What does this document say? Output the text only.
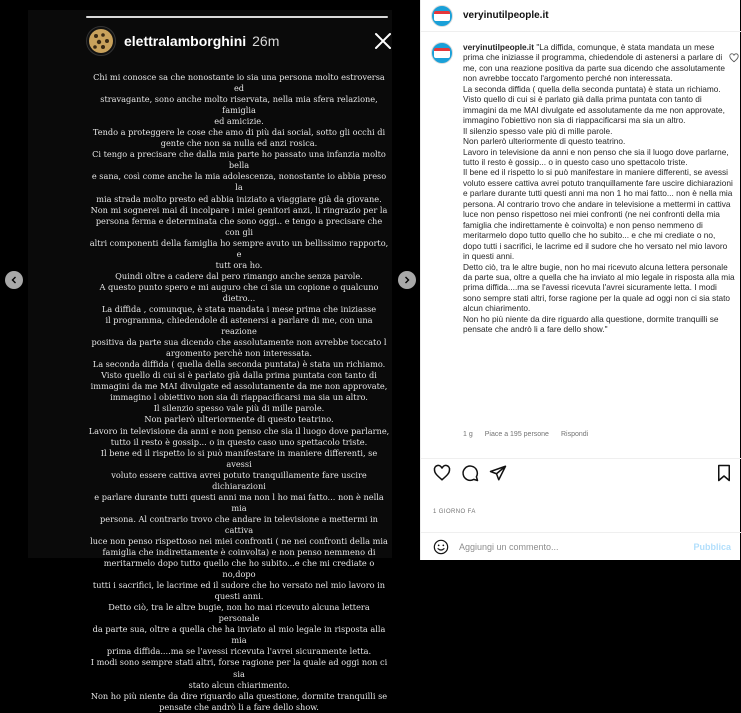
elettralamborghini 26m
Chi mi conosce sa che nonostante io sia una persona molto estroversa ed
stravagante, sono anche molto riservata, nella mia sfera relazione, famiglia
ed amicizie.
Tendo a proteggere le cose che amo di più dai social, sotto gli occhi di
gente che non sa nulla ed anzi rosica.
Ci tengo a precisare che dalla mia parte ho passato una infanzia molto bella
e sana, così come anche la mia adolescenza, nonostante io abbia preso la
mia strada molto presto ed abbia iniziato a viaggiare già da giovane.
Non mi sognerei mai di incolpare i miei genitori anzi, li ringrazio per la
persona ferma e determinata che sono oggi.. e tengo a precisare che con gli
altri componenti della famiglia ho sempre avuto un bellissimo rapporto, e
tutt ora ho.
Quindi oltre a cadere dal pero rimango anche senza parole.
A questo punto spero e mi auguro che ci sia un copione o qualcuno
dietro...
La diffida , comunque, è stata mandata i mese prima che iniziasse
il programma, chiedendole di astenersi a parlare di me, con una reazione
positiva da parte sua dicendo che assolutamente non avrebbe toccato l
argomento perchè non interessata.
La seconda diffida ( quella della seconda puntata) è stata un richiamo.
Visto quello di cui si è parlato già dalla prima puntata con tanto di
immagini da me MAI divulgate ed assolutamente da me non approvate,
immagino l obiettivo non sia di riappacificarsi ma sia un altro.
Il silenzio spesso vale più di mille parole.
Non parlerò ulteriormente di questo teatrino.
Lavoro in televisione da anni e non penso che sia il luogo dove parlarne,
tutto il resto è gossip... o in questo caso uno spettacolo triste.
Il bene ed il rispetto lo si può manifestare in maniere differenti, se avessi
voluto essere cattiva avrei potuto tranquillamente fare uscire dichiarazioni
e parlare durante tutti questi anni ma non l ho mai fatto... non è nella mia
persona. Al contrario trovo che andare in televisione a mettermi in cattiva
luce non penso rispettoso nei miei confronti ( ne nei confronti della mia
famiglia che indirettamente è coinvolta) e non penso nemmeno di
meritarmelo dopo tutto quello che ho subito...e che mi crediate o no,dopo
tutti i sacrifici, le lacrime ed il sudore che ho versato nel mio lavoro in
questi anni.
Detto ciò, tra le altre bugie, non ho mai ricevuto alcuna lettera personale
da parte sua, oltre a quella che ha inviato al mio legale in risposta alla mia
prima diffida....ma se l'avessi ricevuta l'avrei sicuramente letta.
I modi sono sempre stati altri, forse ragione per la quale ad oggi non ci sia
stato alcun chiarimento.
Non ho più niente da dire riguardo alla questione, dormite tranquilli se
pensate che andrò li a fare dello show.
veryinutilpeople.it
veryinutilpeople.it "La diffida, comunque, è stata mandata un mese prima che iniziasse il programma, chiedendole di astenersi a parlare di me, con una reazione positiva da parte sua dicendo che assolutamente non avrebbe toccato l'argomento perché non interessata.
La seconda diffida ( quella della seconda puntata) è stata un richiamo.
Visto quello di cui si è parlato già dalla prima puntata con tanto di immagini da me MAI divulgate ed assolutamente da me non approvate, immagino l'obiettivo non sia di riappacificarsi ma sia un altro.
Il silenzio spesso vale più di mille parole.
Non parlerò ulteriormente di questo teatrino.
Lavoro in televisione da anni e non penso che sia il luogo dove parlarne, tutto il resto è gossip... o in questo caso uno spettacolo triste.
Il bene ed il rispetto lo si può manifestare in maniere differenti, se avessi voluto essere cattiva avrei potuto tranquillamente fare uscire dichiarazioni e parlare durante tutti questi anni ma non 1 ho mai fatto... non è nella mia persona. Al contrario trovo che andare in televisione a mettermi in cattiva luce non penso rispettoso nei miei confronti (ne nei confronti della mia famiglia che indirettamente è coinvolta) e non penso nemmeno di meritarmelo dopo tutto quello che ho subito... e che mi crediate o no, dopo tutti i sacrifici, le lacrime ed il sudore che ho versato nel mio lavoro in questi anni.
Detto ciò, tra le altre bugie, non ho mai ricevuto alcuna lettera personale da parte sua, oltre a quella che ha inviato al mio legale in risposta alla mia prima diffida....ma se l'avessi ricevuta l'avrei sicuramente letta. I modi sono sempre stati altri, forse ragione per la quale ad oggi non ci sia stato alcun chiarimento.
Non ho più niente da dire riguardo alla questione, dormite tranquilli se pensate che andrò li a fare dello show."
1 g Piace a 195 persone Rispondi
1 GIORNO FA
Aggiungi un commento...
Pubblica
